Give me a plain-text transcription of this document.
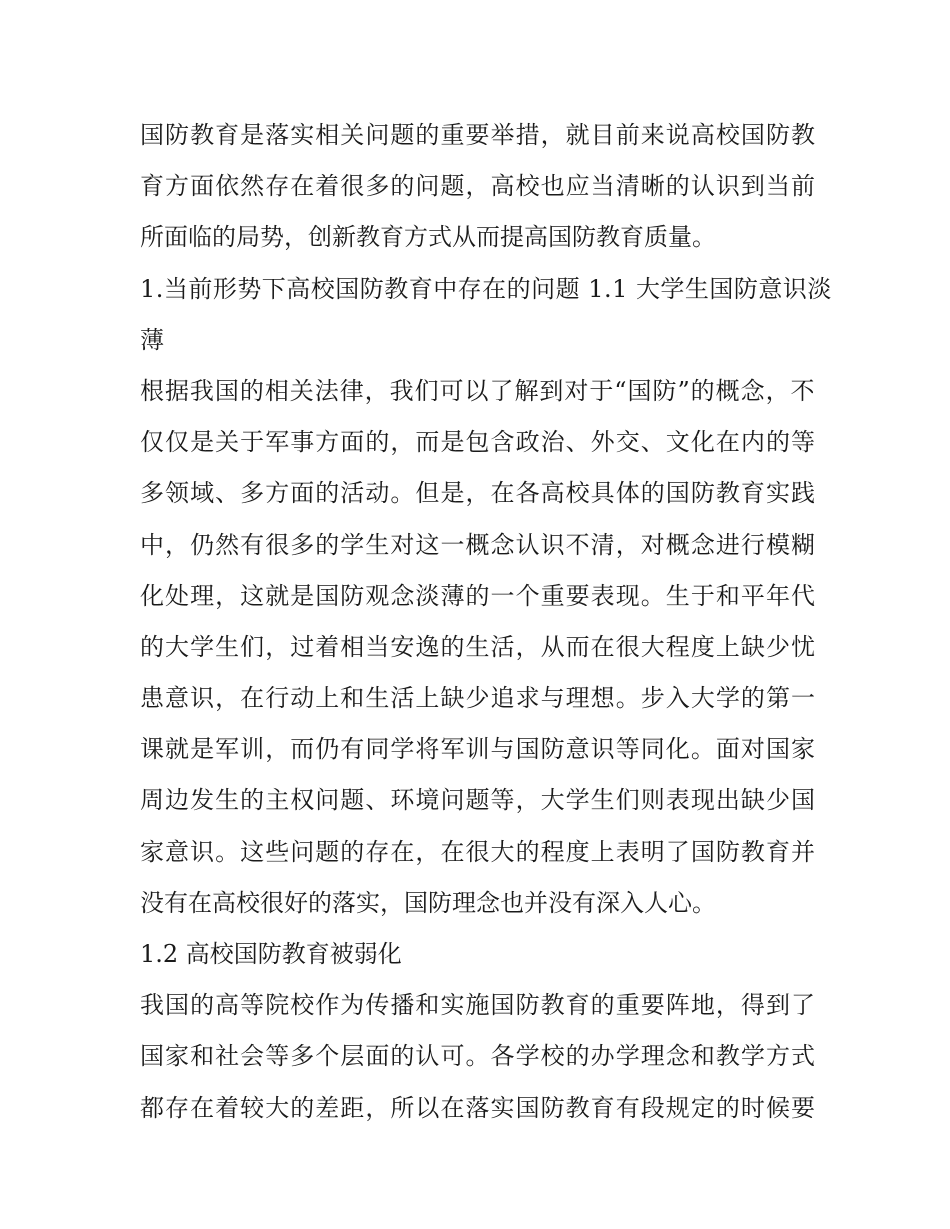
国防教育是落实相关问题的重要举措，就目前来说高校国防教
育方面依然存在着很多的问题，高校也应当清晰的认识到当前
所面临的局势，创新教育方式从而提高国防教育质量。
1.当前形势下高校国防教育中存在的问题 1.1 大学生国防意识淡
薄
根据我国的相关法律，我们可以了解到对于“国防”的概念，不
仅仅是关于军事方面的，而是包含政治、外交、文化在内的等
多领域、多方面的活动。但是，在各高校具体的国防教育实践
中，仍然有很多的学生对这一概念认识不清，对概念进行模糊
化处理，这就是国防观念淡薄的一个重要表现。生于和平年代
的大学生们，过着相当安逸的生活，从而在很大程度上缺少忧
患意识，在行动上和生活上缺少追求与理想。步入大学的第一
课就是军训，而仍有同学将军训与国防意识等同化。面对国家
周边发生的主权问题、环境问题等，大学生们则表现出缺少国
家意识。这些问题的存在，在很大的程度上表明了国防教育并
没有在高校很好的落实，国防理念也并没有深入人心。
1.2 高校国防教育被弱化
我国的高等院校作为传播和实施国防教育的重要阵地，得到了
国家和社会等多个层面的认可。各学校的办学理念和教学方式
都存在着较大的差距，所以在落实国防教育有段规定的时候要
